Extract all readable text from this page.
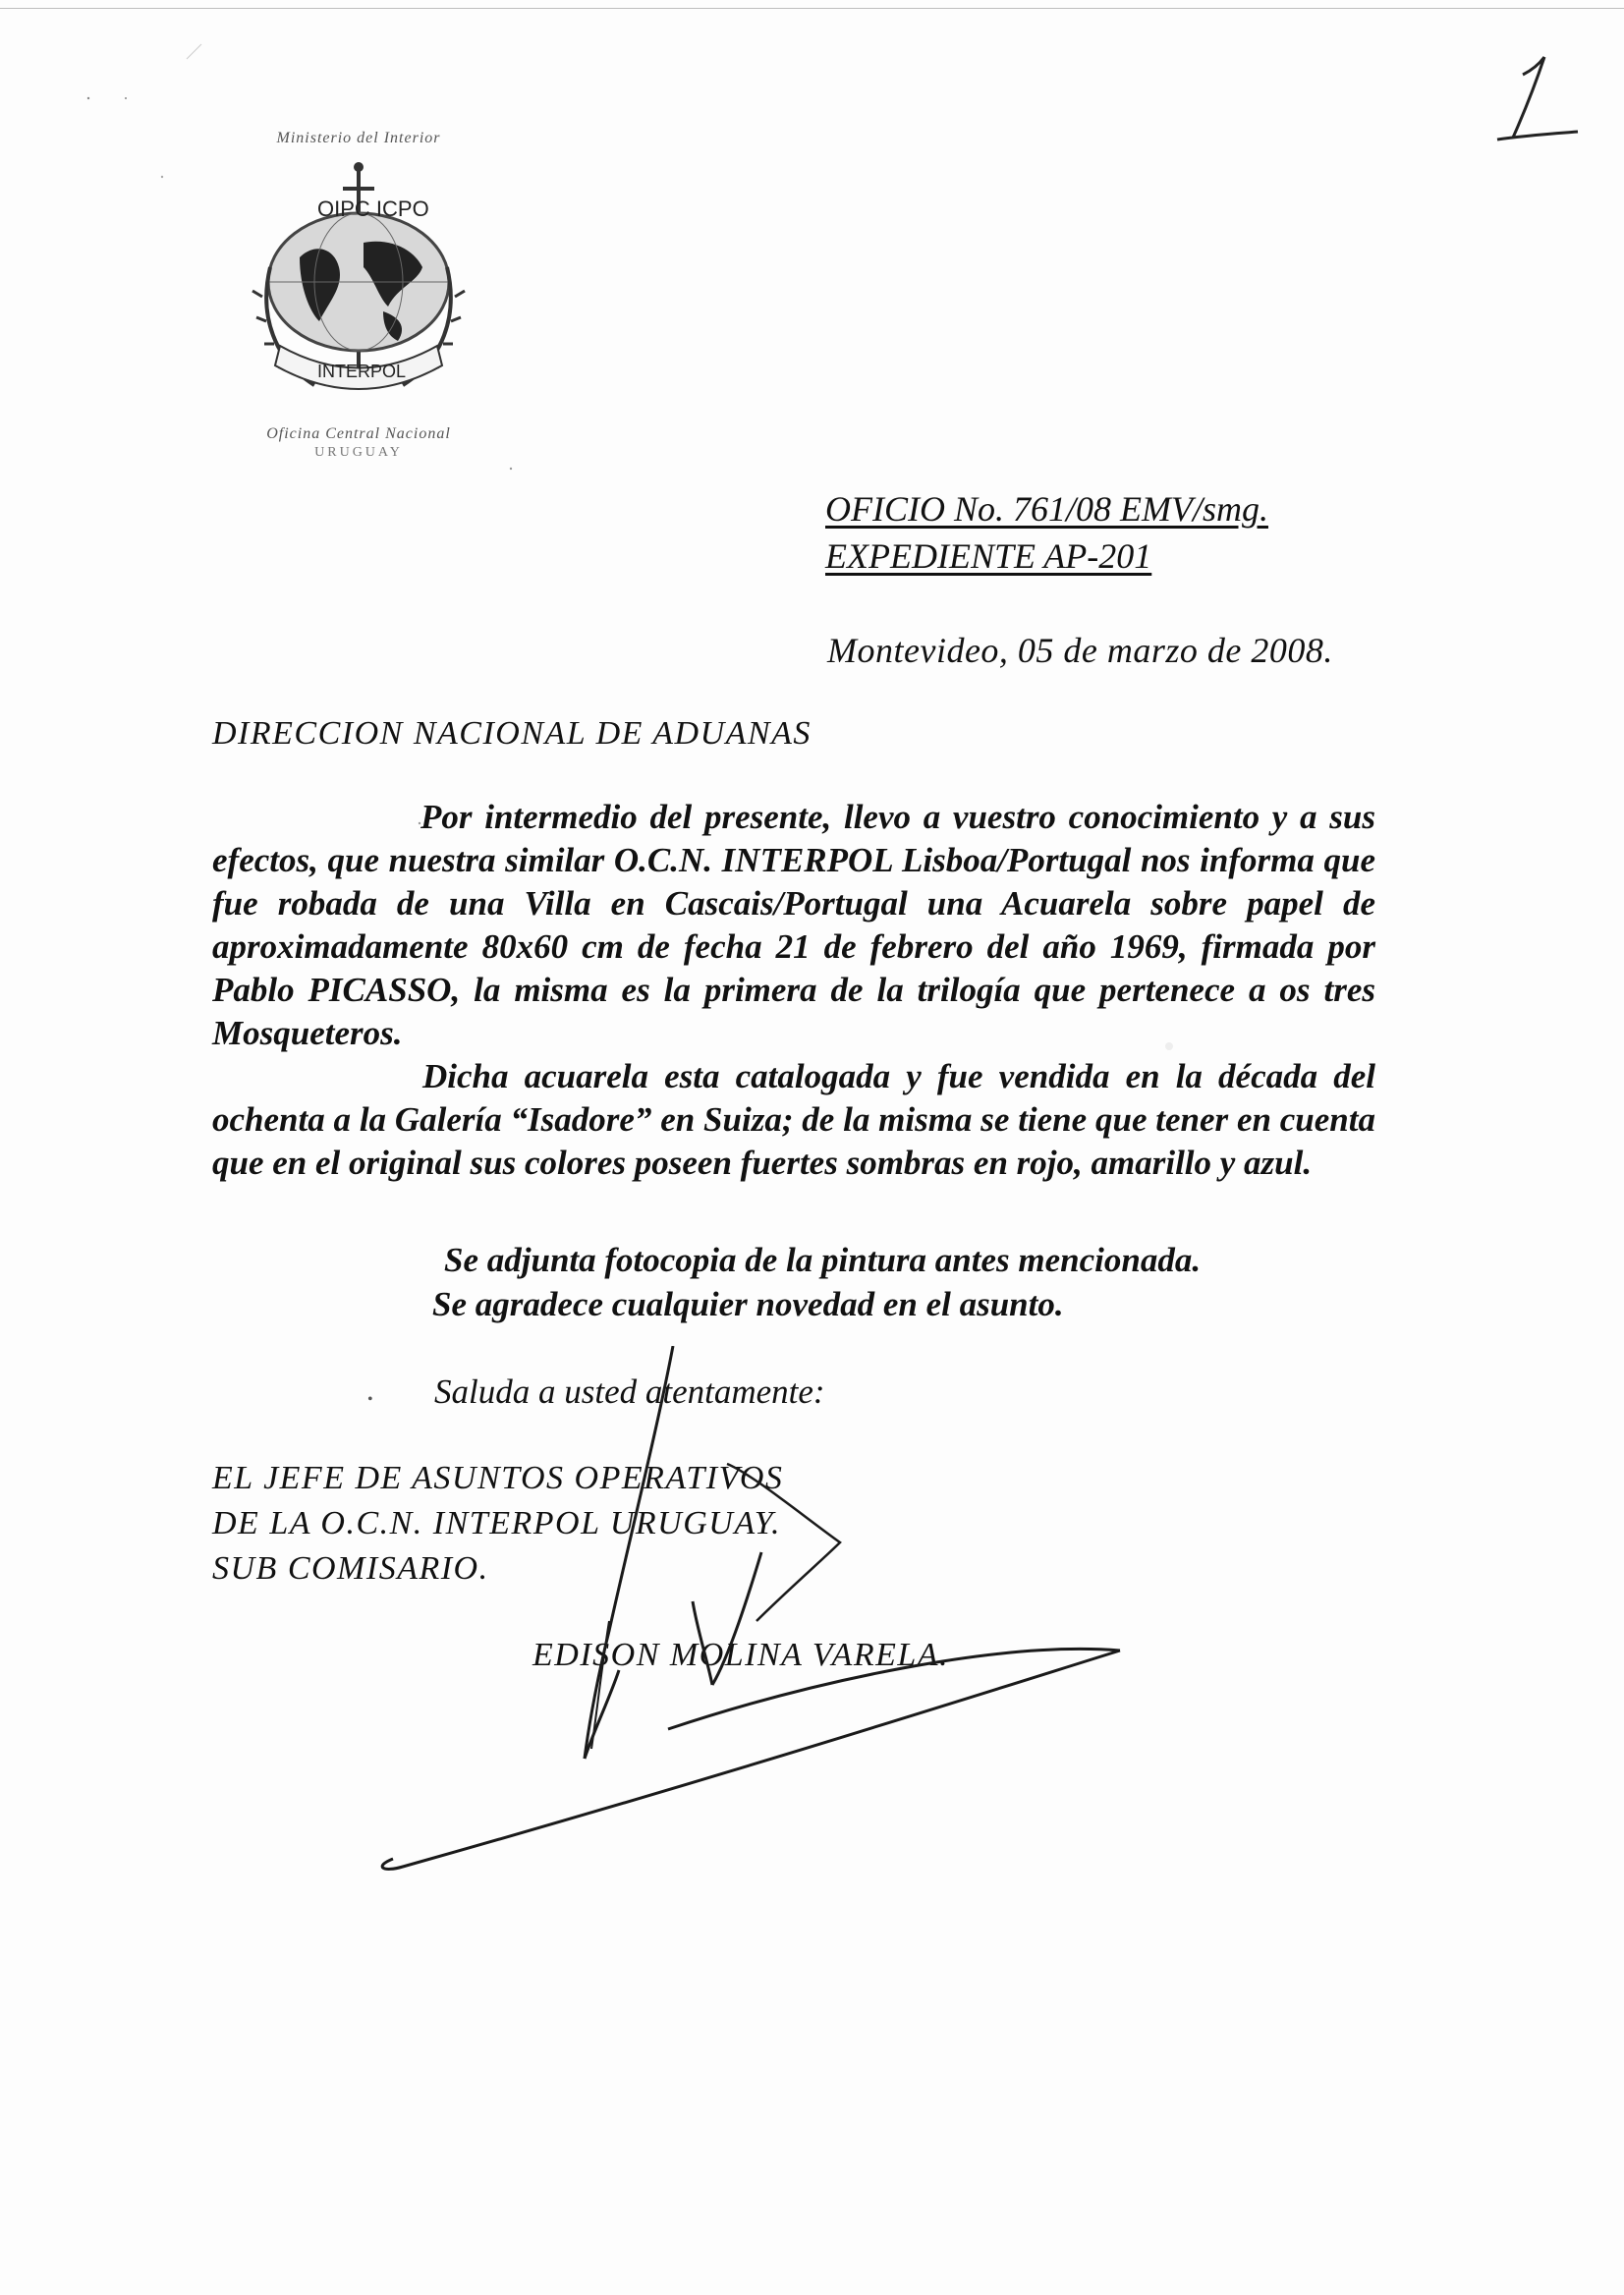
Ministerio del Interior
OIPC ICPO
INTERPOL
Oficina Central Nacional
URUGUAY
OFICIO No. 761/08 EMV/smg.
EXPEDIENTE AP-201
Montevideo, 05 de marzo de 2008.
DIRECCION NACIONAL DE ADUANAS

Por intermedio del presente, llevo a vuestro conocimiento y a sus efectos, que nuestra similar O.C.N. INTERPOL Lisboa/Portugal nos informa que fue robada de una Villa en Cascais/Portugal una Acuarela sobre papel de aproximadamente 80x60 cm de fecha 21 de febrero del año 1969, firmada por Pablo PICASSO, la misma es la primera de la trilogía que pertenece a os tres Mosqueteros.

Dicha acuarela esta catalogada y fue vendida en la década del ochenta a la Galería “Isadore” en Suiza; de la misma se tiene que tener en cuenta que en el original sus colores poseen fuertes sombras en rojo, amarillo y azul.

Se adjunta fotocopia de la pintura antes mencionada.
Se agradece cualquier novedad en el asunto.
• Saluda a usted atentamente:
EL JEFE DE ASUNTOS OPERATIVOS
DE LA O.C.N. INTERPOL URUGUAY.
SUB COMISARIO.
EDISON MOLINA VARELA.
